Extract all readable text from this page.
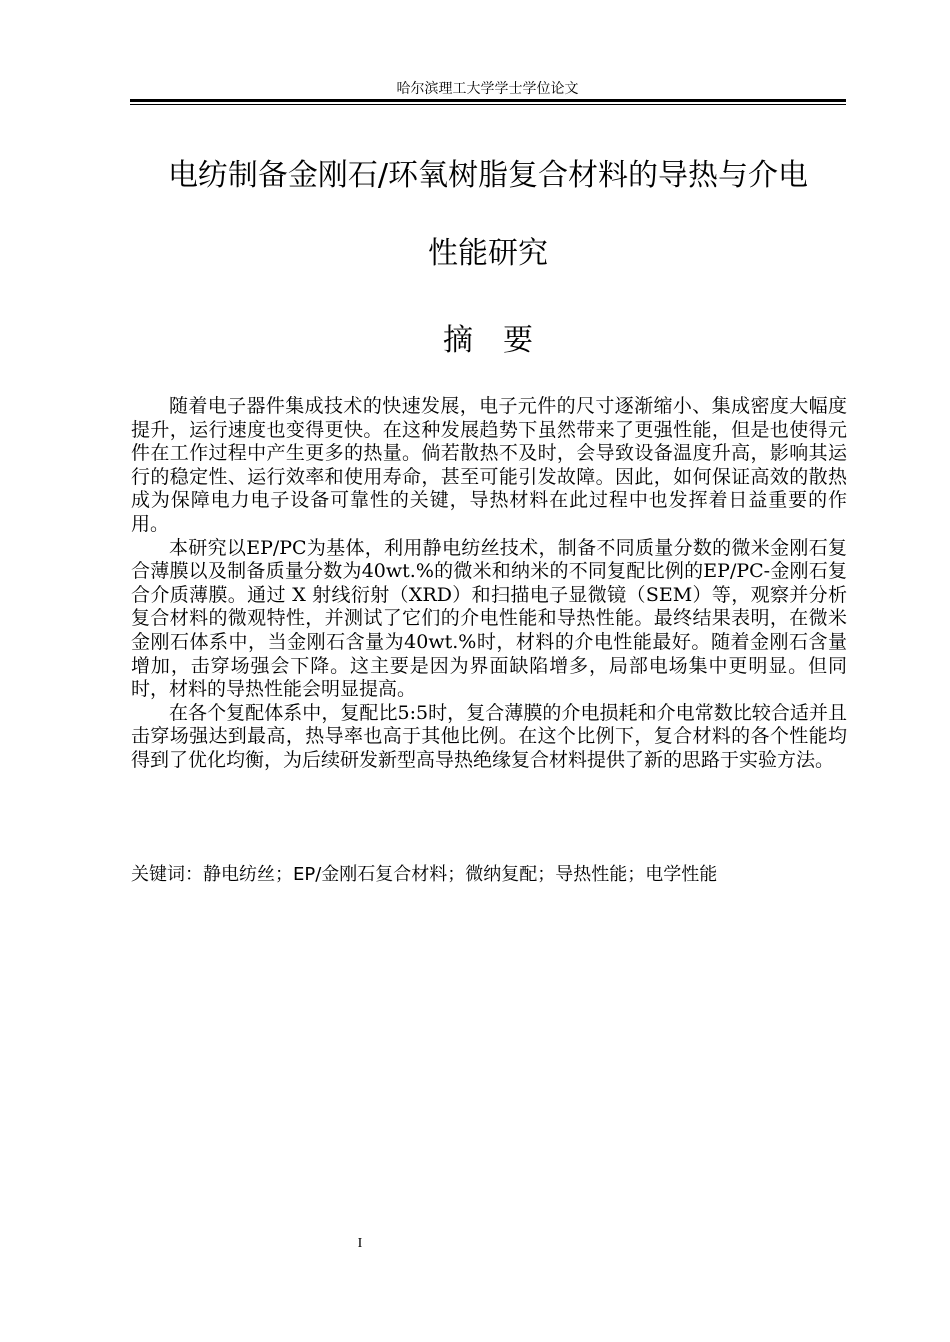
哈尔滨理工大学学士学位论文
电纺制备金刚石/环氧树脂复合材料的导热与介电
性能研究
摘要

随着电子器件集成技术的快速发展，电子元件的尺寸逐渐缩小、集成密度大幅度提升，运行速度也变得更快。在这种发展趋势下虽然带来了更强性能，但是也使得元件在工作过程中产生更多的热量。倘若散热不及时，会导致设备温度升高，影响其运行的稳定性、运行效率和使用寿命，甚至可能引发故障。因此，如何保证高效的散热成为保障电力电子设备可靠性的关键，导热材料在此过程中也发挥着日益重要的作用。

本研究以EP/PC为基体，利用静电纺丝技术，制备不同质量分数的微米金刚石复合薄膜以及制备质量分数为40wt.%的微米和纳米的不同复配比例的EP/PC-金刚石复合介质薄膜。通过 X 射线衍射（XRD）和扫描电子显微镜（SEM）等，观察并分析复合材料的微观特性，并测试了它们的介电性能和导热性能。最终结果表明，在微米金刚石体系中，当金刚石含量为40wt.%时，材料的介电性能最好。随着金刚石含量增加，击穿场强会下降。这主要是因为界面缺陷增多，局部电场集中更明显。但同时，材料的导热性能会明显提高。

在各个复配体系中，复配比5:5时，复合薄膜的介电损耗和介电常数比较合适并且击穿场强达到最高，热导率也高于其他比例。在这个比例下，复合材料的各个性能均得到了优化均衡，为后续研发新型高导热绝缘复合材料提供了新的思路于实验方法。

关键词：静电纺丝；EP/金刚石复合材料；微纳复配；导热性能；电学性能
I
